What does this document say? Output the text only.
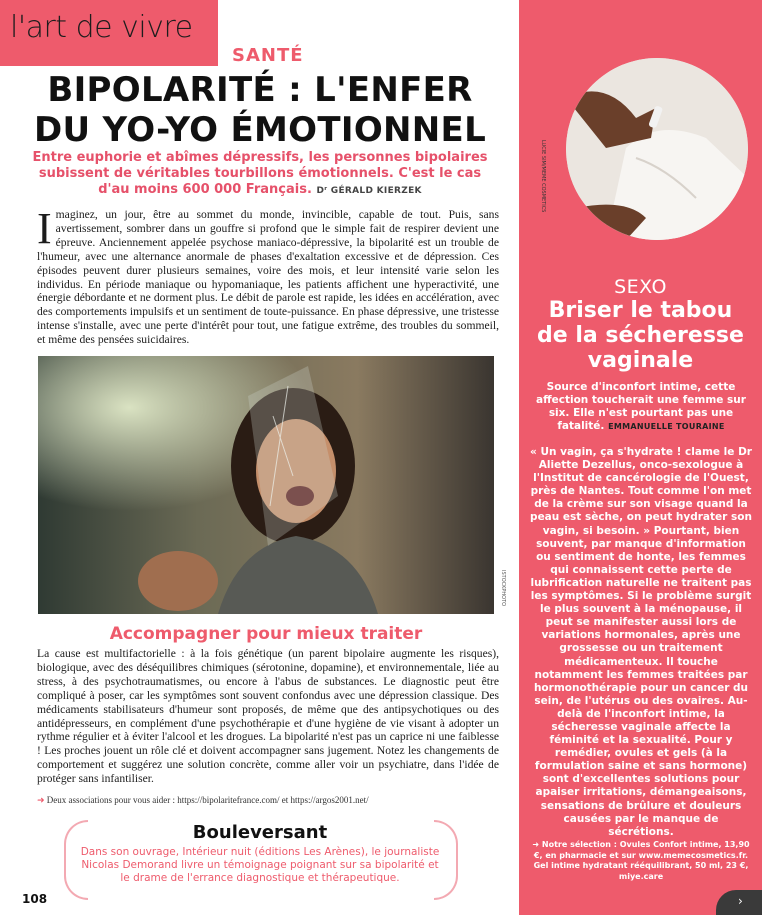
l'art de vivre
SANTÉ
BIPOLARITÉ : L'ENFER
DU YO-YO ÉMOTIONNEL
Entre euphorie et abîmes dépressifs, les personnes bipolaires subissent de véritables tourbillons émotionnels. C'est le cas d'au moins 600 000 Français. Dʳ GÉRALD KIERZEK
Imaginez, un jour, être au sommet du monde, invincible, capable de tout. Puis, sans avertissement, sombrer dans un gouffre si profond que le simple fait de respirer devient une épreuve. Anciennement appelée psychose maniaco-dépressive, la bipolarité est un trouble de l'humeur, avec une alternance anormale de phases d'exaltation excessive et de dépression. Ces épisodes peuvent durer plusieurs semaines, voire des mois, et leur intensité varie selon les individus. En période maniaque ou hypomaniaque, les patients affichent une hyperactivité, une énergie débordante et ne dorment plus. Le débit de parole est rapide, les idées en accélération, avec des comportements impulsifs et un sentiment de toute-puissance. En phase dépressive, une tristesse intense s'installe, avec une perte d'intérêt pour tout, une fatigue extrême, des troubles du sommeil, et même des pensées suicidaires.
ISTOCKPHOTO
Accompagner pour mieux traiter
La cause est multifactorielle : à la fois génétique (un parent bipolaire augmente les risques), biologique, avec des déséquilibres chimiques (sérotonine, dopamine), et environnementale, liée au stress, à des psychotraumatismes, ou encore à l'abus de substances. Le diagnostic peut être compliqué à poser, car les symptômes sont souvent confondus avec une dépression classique. Des médicaments stabilisateurs d'humeur sont proposés, de même que des antipsychotiques ou des antidépresseurs, en complément d'une psychothérapie et d'une hygiène de vie visant à adopter un rythme régulier et à éviter l'alcool et les drogues. La bipolarité n'est pas un caprice ni une faiblesse ! Les proches jouent un rôle clé et doivent accompagner sans jugement. Notez les changements de comportement et suggérez une solution concrète, comme aller voir un psychiatre, dans l'idée de protéger sans infantiliser.
➜ Deux associations pour vous aider : https://bipolaritefrance.com/ et https://argos2001.net/
Bouleversant
Dans son ouvrage, Intérieur nuit (éditions Les Arènes), le journaliste Nicolas Demorand livre un témoignage poignant sur sa bipolarité et le drame de l'errance diagnostique et thérapeutique.
108
LUCIE SIM/MEME COSMETICS
SEXO
Briser le tabou
de la sécheresse
vaginale
Source d'inconfort intime, cette affection toucherait une femme sur six. Elle n'est pourtant pas une fatalité. EMMANUELLE TOURAINE
« Un vagin, ça s'hydrate ! clame le Dr Aliette Dezellus, onco-sexologue à l'Institut de cancérologie de l'Ouest, près de Nantes. Tout comme l'on met de la crème sur son visage quand la peau est sèche, on peut hydrater son vagin, si besoin. » Pourtant, bien souvent, par manque d'information ou sentiment de honte, les femmes qui connaissent cette perte de lubrification naturelle ne traitent pas les symptômes. Si le problème surgit le plus souvent à la ménopause, il peut se manifester aussi lors de variations hormonales, après une grossesse ou un traitement médicamenteux. Il touche notamment les femmes traitées par hormonothérapie pour un cancer du sein, de l'utérus ou des ovaires. Au-delà de l'inconfort intime, la sécheresse vaginale affecte la féminité et la sexualité. Pour y remédier, ovules et gels (à la formulation saine et sans hormone) sont d'excellentes solutions pour apaiser irritations, démangeaisons, sensations de brûlure et douleurs causées par le manque de sécrétions.
➜ Notre sélection : Ovules Confort intime, 13,90 €, en pharmacie et sur www.memecosmetics.fr. Gel intime hydratant rééquilibrant, 50 ml, 23 €, miye.care
›
